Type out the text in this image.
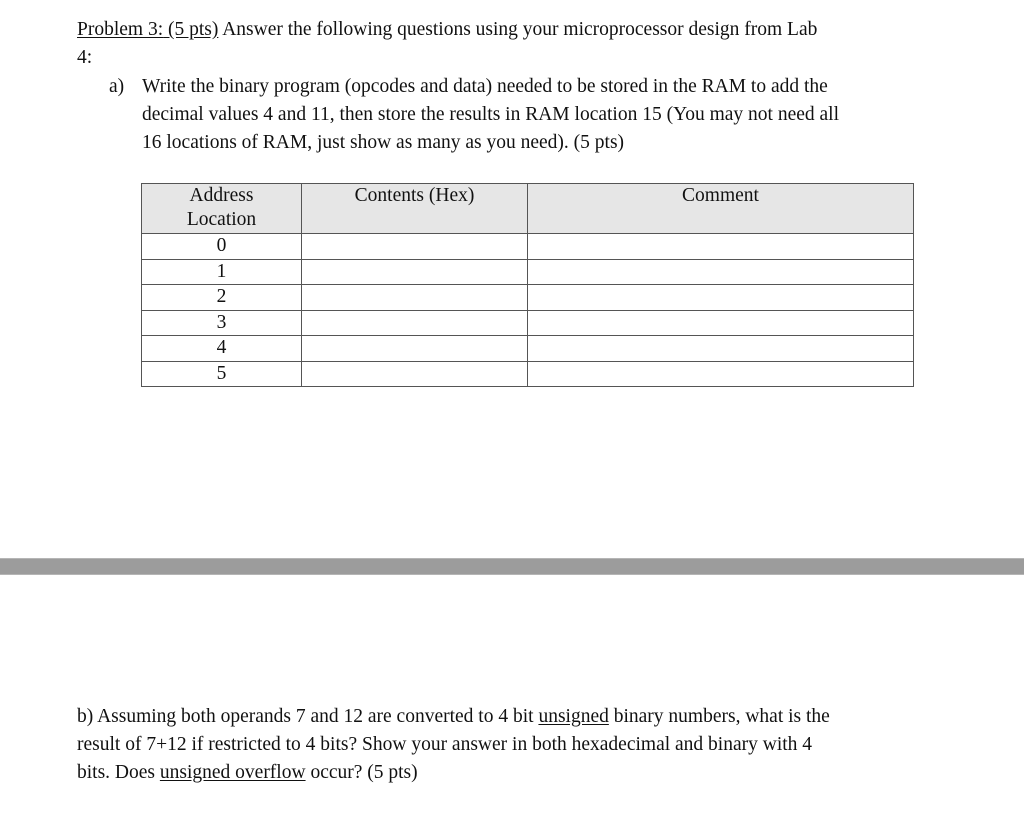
Problem 3: (5 pts) Answer the following questions using your microprocessor design from Lab
4:
a) Write the binary program (opcodes and data) needed to be stored in the RAM to add the
decimal values 4 and 11, then store the results in RAM location 15 (You may not need all
16 locations of RAM, just show as many as you need). (5 pts)
Address
Location	Contents (Hex)	Comment
0		
1		
2		
3		
4		
5		
b) Assuming both operands 7 and 12 are converted to 4 bit unsigned binary numbers, what is the
result of 7+12 if restricted to 4 bits? Show your answer in both hexadecimal and binary with 4
bits. Does unsigned overflow occur? (5 pts)
